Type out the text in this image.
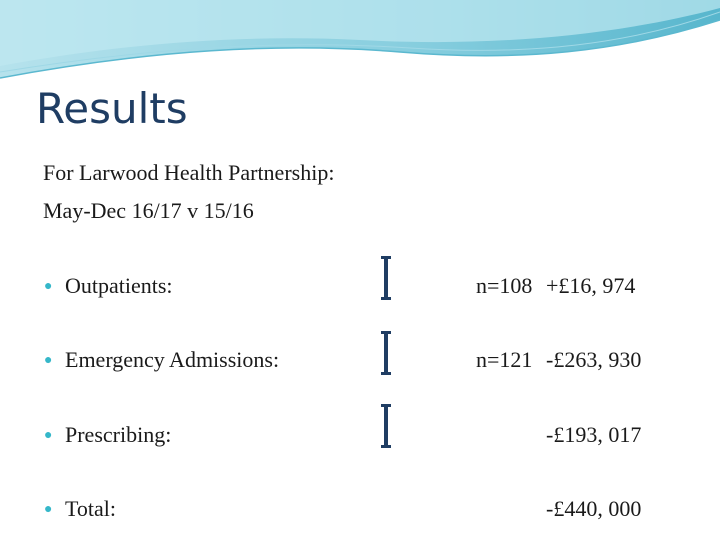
Results
For Larwood Health Partnership:
May-Dec 16/17 v 15/16
● Outpatients:	n=108 +£16, 974
● Emergency Admissions:	n=121 -£263, 930
● Prescribing:	-£193, 017
● Total:	-£440, 000
